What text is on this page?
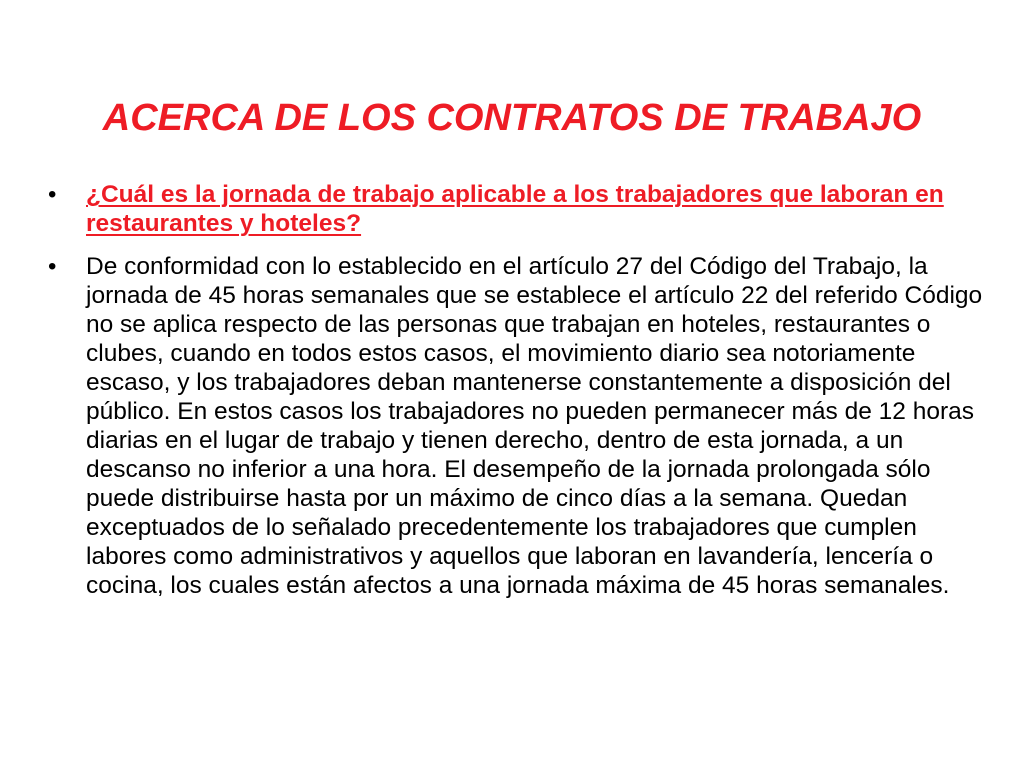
ACERCA DE LOS CONTRATOS DE TRABAJO
• ¿Cuál es la jornada de trabajo aplicable a los trabajadores que laboran en restaurantes y hoteles?
• De conformidad con lo establecido en el artículo 27 del Código del Trabajo, la jornada de 45 horas semanales que se establece el artículo 22 del referido Código no se aplica respecto de las personas que trabajan en hoteles, restaurantes o clubes, cuando en todos estos casos, el movimiento diario sea notoriamente escaso, y los trabajadores deban mantenerse constantemente a disposición del público. En estos casos los trabajadores no pueden permanecer más de 12 horas diarias en el lugar de trabajo y tienen derecho, dentro de esta jornada, a un descanso no inferior a una hora. El desempeño de la jornada prolongada sólo puede distribuirse hasta por un máximo de cinco días a la semana. Quedan exceptuados de lo señalado precedentemente los trabajadores que cumplen labores como administrativos y aquellos que laboran en lavandería, lencería o cocina, los cuales están afectos a una jornada máxima de 45 horas semanales.
